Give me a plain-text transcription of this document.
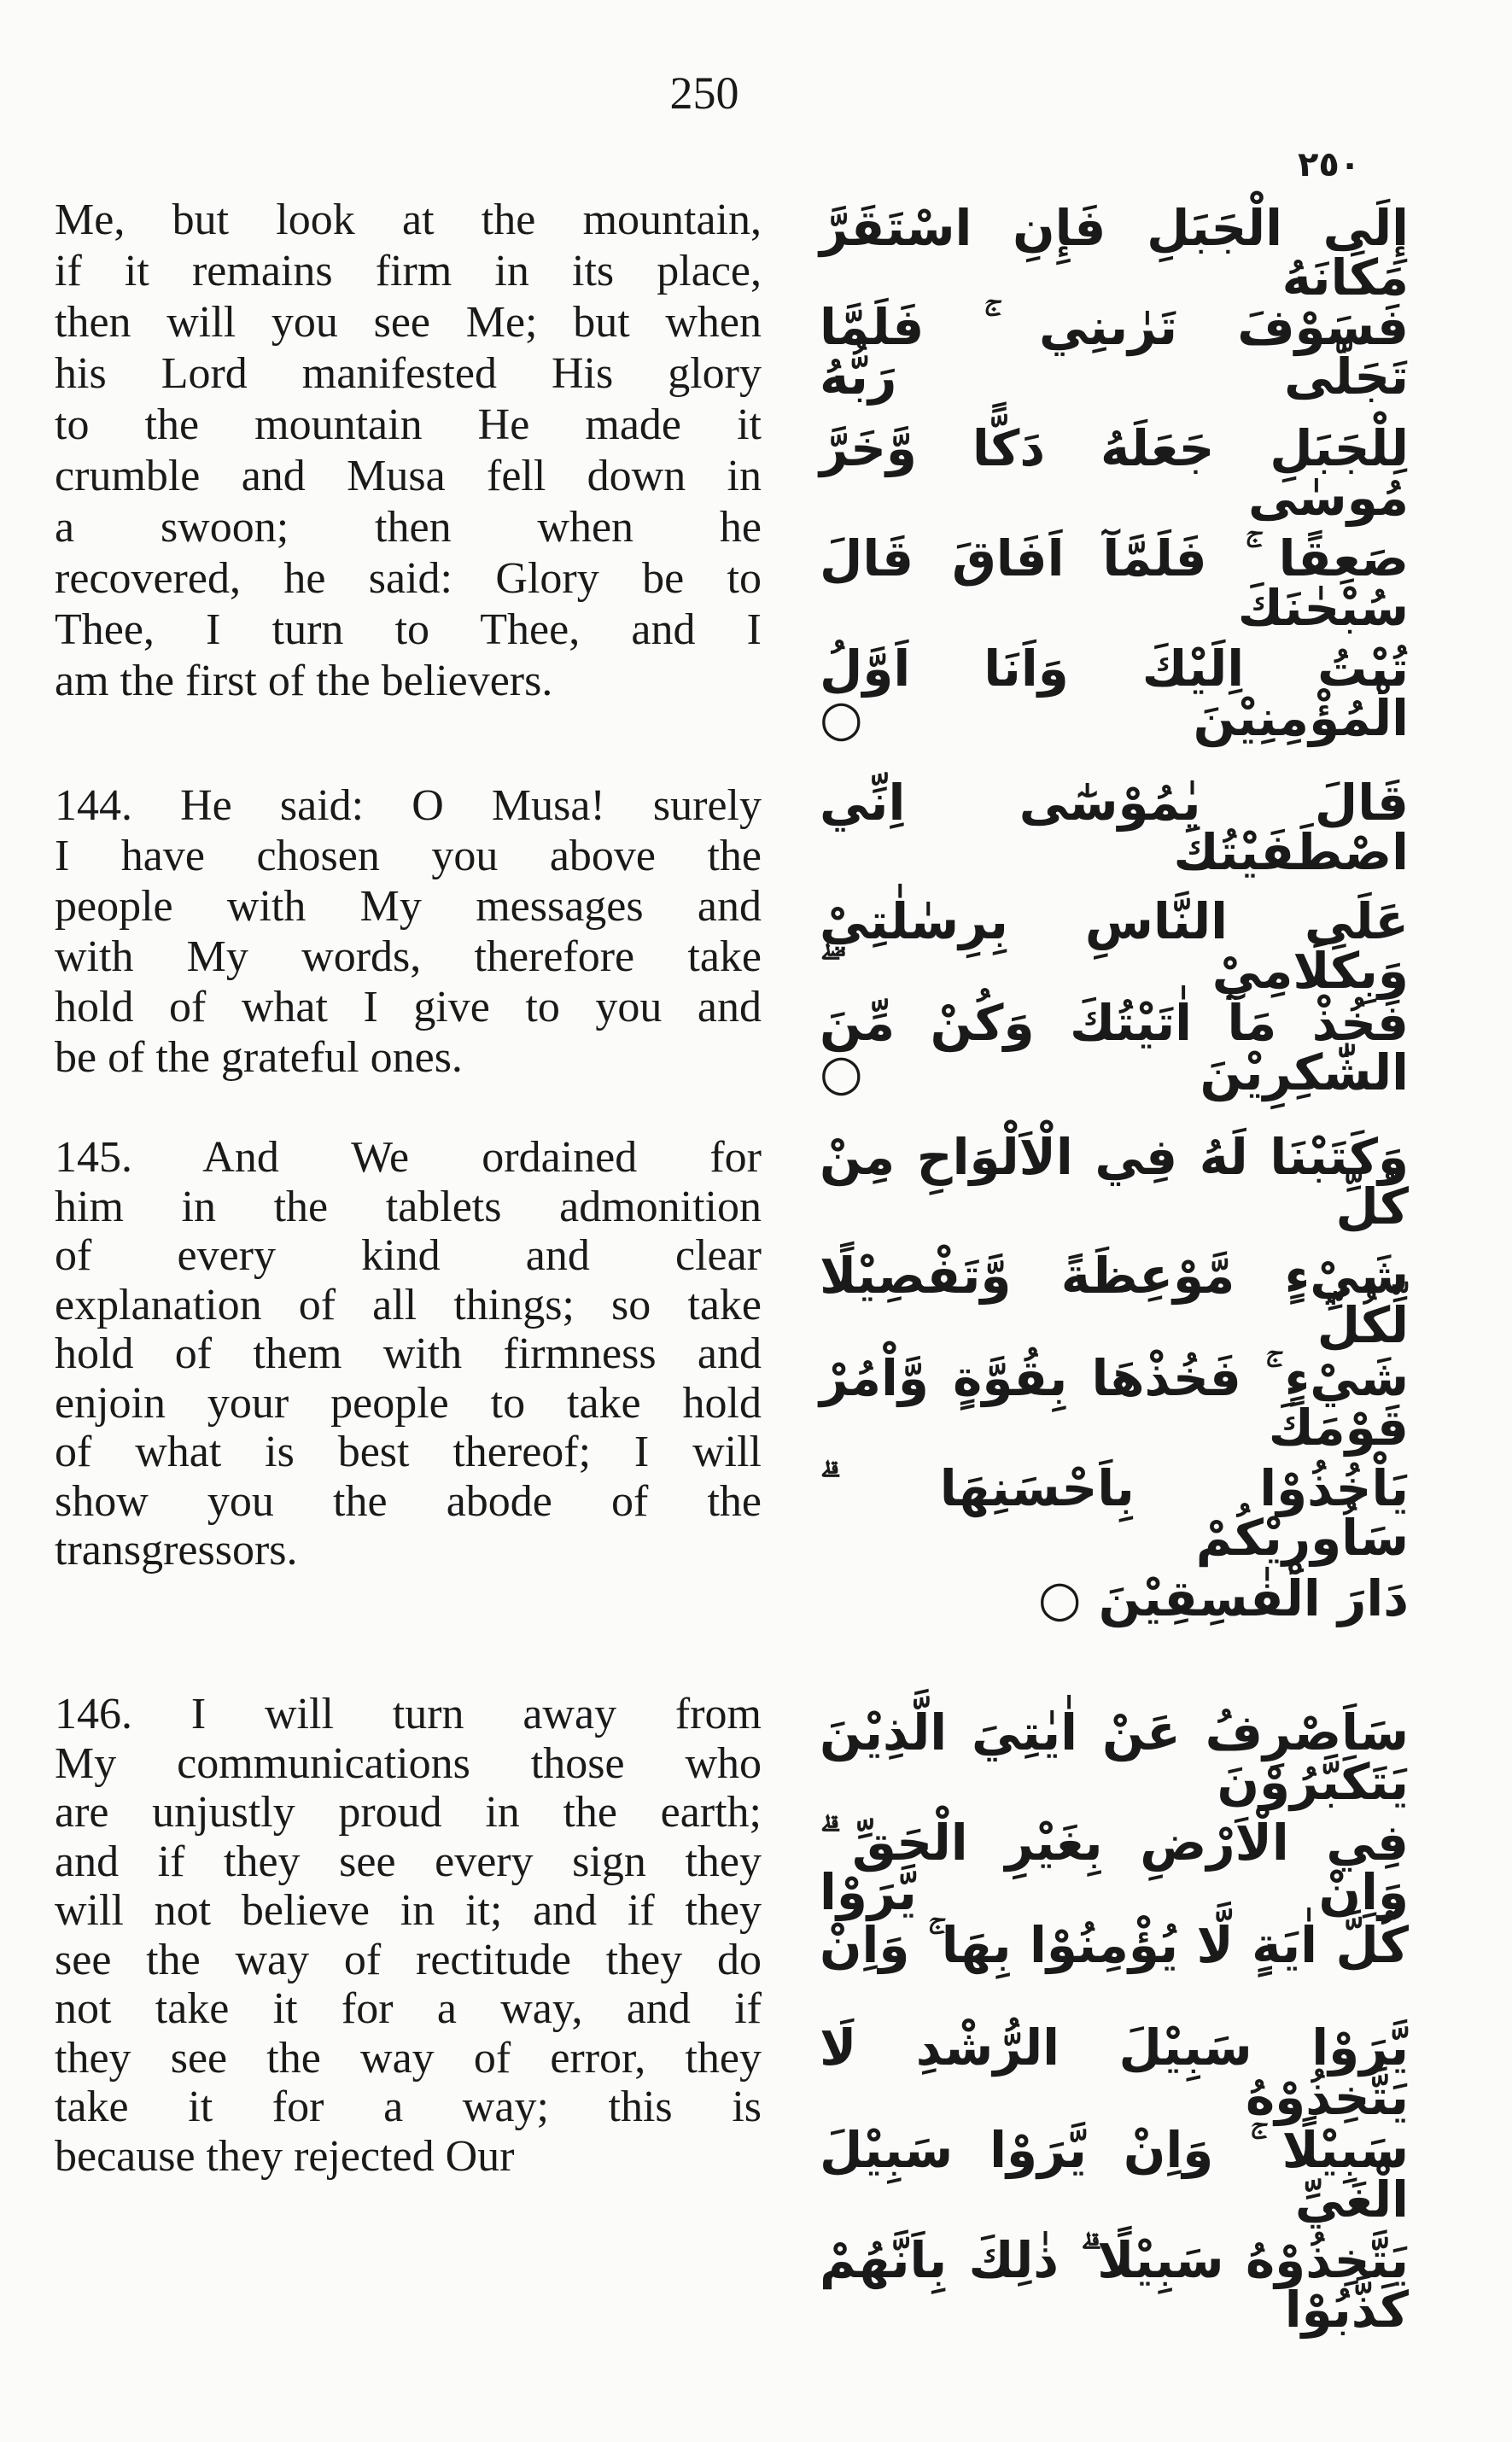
250
٢٥٠
Me, but look at the mountain,
if it remains firm in its place,
then will you see Me; but when
his Lord manifested His glory
to the mountain He made it
crumble and Musa fell down in
a swoon; then when he
recovered, he said: Glory be to
Thee, I turn to Thee, and I
am the first of the believers.
144. He said: O Musa! surely
I have chosen you above the
people with My messages and
with My words, therefore take
hold of what I give to you and
be of the grateful ones.
145. And We ordained for
him in the tablets admonition
of every kind and clear
explanation of all things; so take
hold of them with firmness and
enjoin your people to take hold
of what is best thereof; I will
show you the abode of the
transgressors.
146. I will turn away from
My communications those who
are unjustly proud in the earth;
and if they see every sign they
will not believe in it; and if they
see the way of rectitude they do
not take it for a way, and if
they see the way of error, they
take it for a way; this is
because they rejected Our
إِلَى الْجَبَلِ فَإِنِ اسْتَقَرَّ مَكَانَهُ
فَسَوْفَ تَرٰىنِي ۚ فَلَمَّا تَجَلّٰى رَبُّهُ
لِلْجَبَلِ جَعَلَهُ دَكًّا وَّخَرَّ مُوسٰى
صَعِقًا ۚ فَلَمَّآ اَفَاقَ قَالَ سُبْحٰنَكَ
تُبْتُ اِلَيْكَ وَاَنَا اَوَّلُ الْمُؤْمِنِيْنَ ○
قَالَ يٰمُوْسٰٓى اِنِّي اصْطَفَيْتُكَ
عَلَى النَّاسِ بِرِسٰلٰتِيْ وَبِكَلَامِيْ ۖ
فَخُذْ مَآ اٰتَيْتُكَ وَكُنْ مِّنَ الشّٰكِرِيْنَ ○
وَكَتَبْنَا لَهُ فِي الْاَلْوَاحِ مِنْ كُلِّ
شَيْءٍ مَّوْعِظَةً وَّتَفْصِيْلًا لِّكُلِّ
شَيْءٍ ۚ فَخُذْهَا بِقُوَّةٍ وَّاْمُرْ قَوْمَكَ
يَاْخُذُوْا بِاَحْسَنِهَا ۗ سَاُورِيْكُمْ
دَارَ الْفٰسِقِيْنَ ○
سَاَصْرِفُ عَنْ اٰيٰتِيَ الَّذِيْنَ يَتَكَبَّرُوْنَ
فِي الْاَرْضِ بِغَيْرِ الْحَقِّ ۗ وَاِنْ يَّرَوْا
كُلَّ اٰيَةٍ لَّا يُؤْمِنُوْا بِهَا ۚ وَاِنْ
يَّرَوْا سَبِيْلَ الرُّشْدِ لَا يَتَّخِذُوْهُ
سَبِيْلًا ۚ وَاِنْ يَّرَوْا سَبِيْلَ الْغَيِّ
يَتَّخِذُوْهُ سَبِيْلًا ۗ ذٰلِكَ بِاَنَّهُمْ كَذَّبُوْا
